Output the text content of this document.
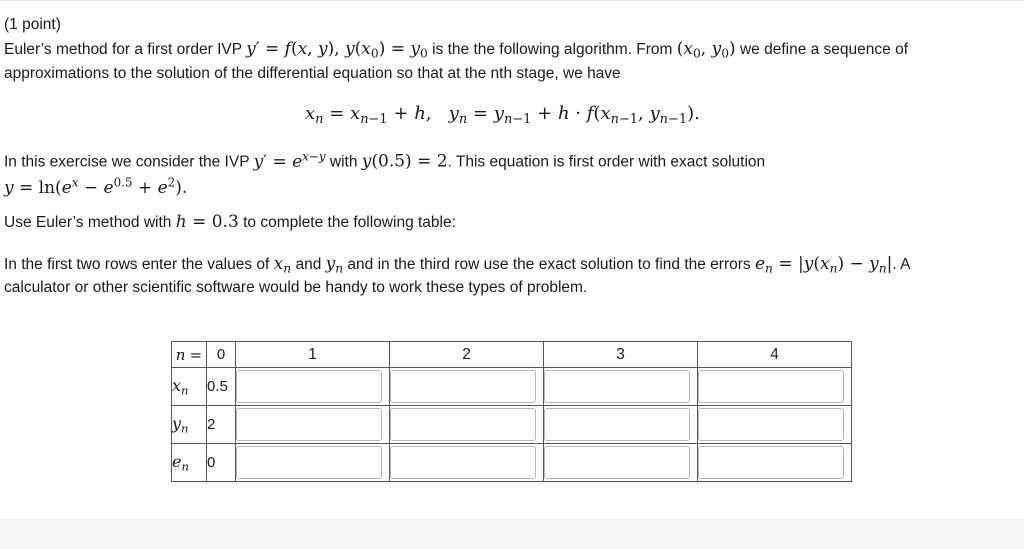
(1 point)
Euler’s method for a first order IVP y′ = f(x, y), $y(x_0) = y_0$ is the the following algorithm. From ($x_0$, $y_0$) we define a sequence of
approximations to the solution of the differential equation so that at the nth stage, we have
$x_n = x_{n-1} + h$,   $y_n = y_{n-1} + h \cdot f(x_{n-1}$, $y_{n-1}$).
In this exercise we consider the IVP $y' = e^{x-y}$ with y(0.5) = 2. This equation is first order with exact solution
$y = \ln(e^x - e^{0.5} + e^2)$.
Use Euler’s method with h = 0.3 to complete the following table:
In the first two rows enter the values of $x_n$ and $y_n$ and in the third row use the exact solution to find the errors $e_n = |y(x_n) - y_n|$. A
calculator or other scientific software would be handy to work these types of problem.
n =	0	1	2	3	4
$x_n$	0.5				
$y_n$	2				
$e_n$	0				
